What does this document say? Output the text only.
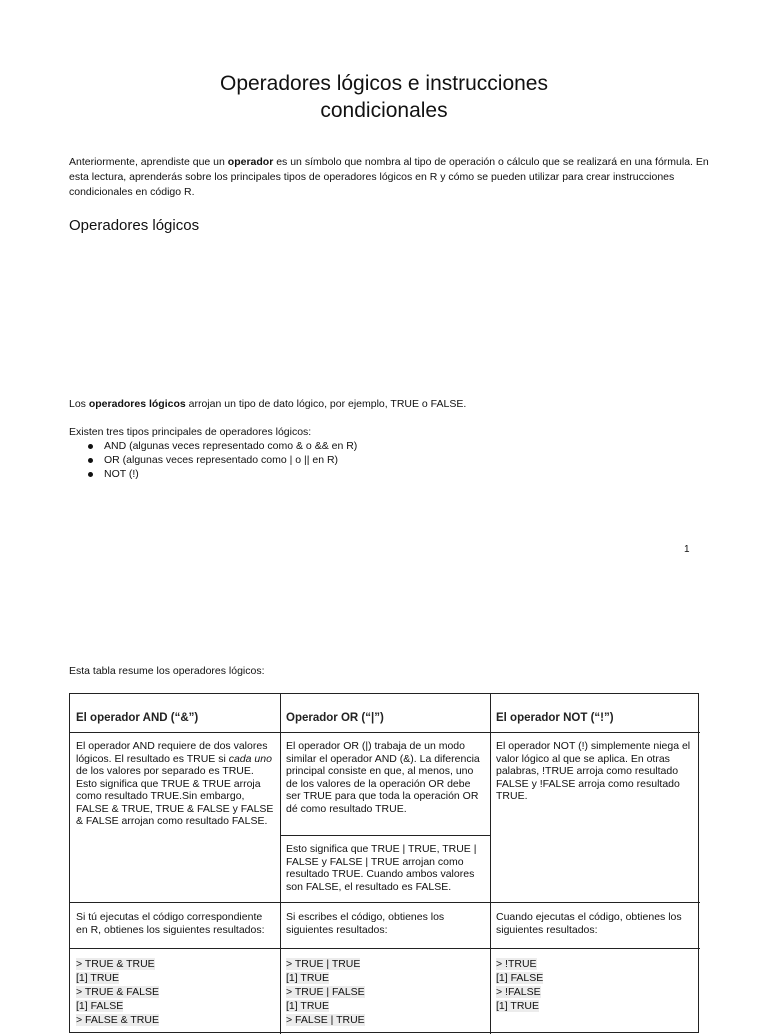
Operadores lógicos e instrucciones
condicionales
Anteriormente, aprendiste que un operador es un símbolo que nombra al tipo de operación o cálculo que se realizará en una fórmula. En esta lectura, aprenderás sobre los principales tipos de operadores lógicos en R y cómo se pueden utilizar para crear instrucciones condicionales en código R.
Operadores lógicos
Los operadores lógicos arrojan un tipo de dato lógico, por ejemplo, TRUE o FALSE.
Existen tres tipos principales de operadores lógicos:
AND (algunas veces representado como & o && en R)
OR (algunas veces representado como | o || en R)
NOT (!)
1
Esta tabla resume los operadores lógicos:
El operador AND (“&”)	Operador OR (“|”)	El operador NOT (“!”)
El operador AND requiere de dos valores lógicos. El resultado es TRUE si cada uno de los valores por separado es TRUE. Esto significa que TRUE & TRUE arroja como resultado TRUE.Sin embargo, FALSE & TRUE, TRUE & FALSE y FALSE & FALSE arrojan como resultado FALSE.
El operador OR (|) trabaja de un modo similar el operador AND (&). La diferencia principal consiste en que, al menos, uno de los valores de la operación OR debe ser TRUE para que toda la operación OR dé como resultado TRUE.
Esto significa que TRUE | TRUE, TRUE | FALSE y FALSE | TRUE arrojan como resultado TRUE. Cuando ambos valores son FALSE, el resultado es FALSE.
El operador NOT (!) simplemente niega el valor lógico al que se aplica. En otras palabras, !TRUE arroja como resultado FALSE y !FALSE arroja como resultado TRUE.
Si tú ejecutas el código correspondiente en R, obtienes los siguientes resultados:
Si escribes el código, obtienes los siguientes resultados:
Cuando ejecutas el código, obtienes los siguientes resultados:
> TRUE & TRUE
[1] TRUE
> TRUE & FALSE
[1] FALSE
> FALSE & TRUE
> TRUE | TRUE
[1] TRUE
> TRUE | FALSE
[1] TRUE
> FALSE | TRUE
> !TRUE
[1] FALSE
> !FALSE
[1] TRUE
